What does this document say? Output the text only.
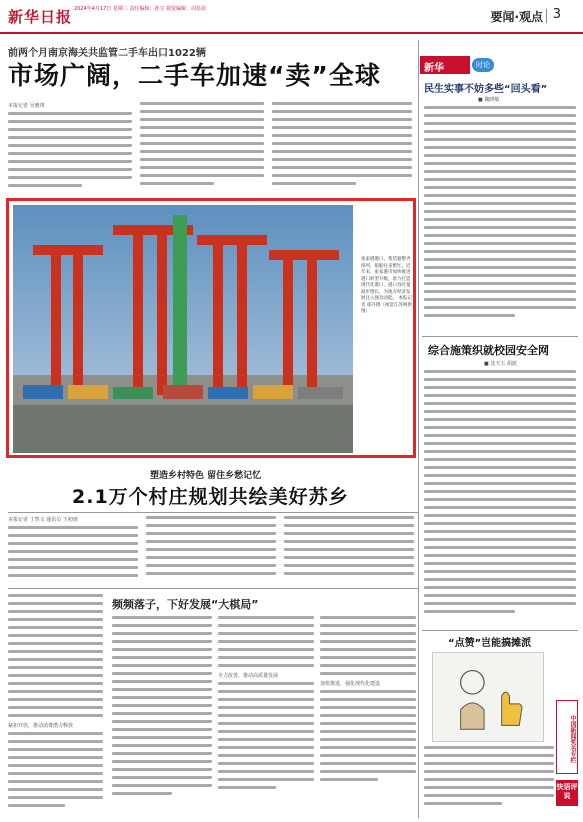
新华日报 2024年4月17日 星期三 责任编辑：孙宝 视觉编辑：周蓓蓓
要闻·观点 3
前两个月南京海关共监管二手车出口1022辆
市场广阔，二手车加速“卖”全球
本报记者 吴雅琪
张家港港口，集装箱整齐排列，船舶往来繁忙。近年来，张家港市加快推进港口转型升级，着力打造现代化港口，港口吞吐量稳步增长，为地方经济发展注入强劲动能。 本报记者 邵丹摄（视觉江苏网供图）
塑造乡村特色 留住乡愁记忆
2.1万个村庄规划共绘美好苏乡
本报记者 丁然文 通讯员 王初雨
紧扣开放，推动消费潜力释放
频频落子，下好发展“大棋局”
全力改善，推动高质量发展
加快推进，强化现代化建设
新华	时论
民生实事不妨多些“回头看”
■ 魏晓敏
综合施策织就校园安全网
■ 沈天玉 胡波
“点赞”岂能搞摊派
中国新闻奖名专栏
快语评说
